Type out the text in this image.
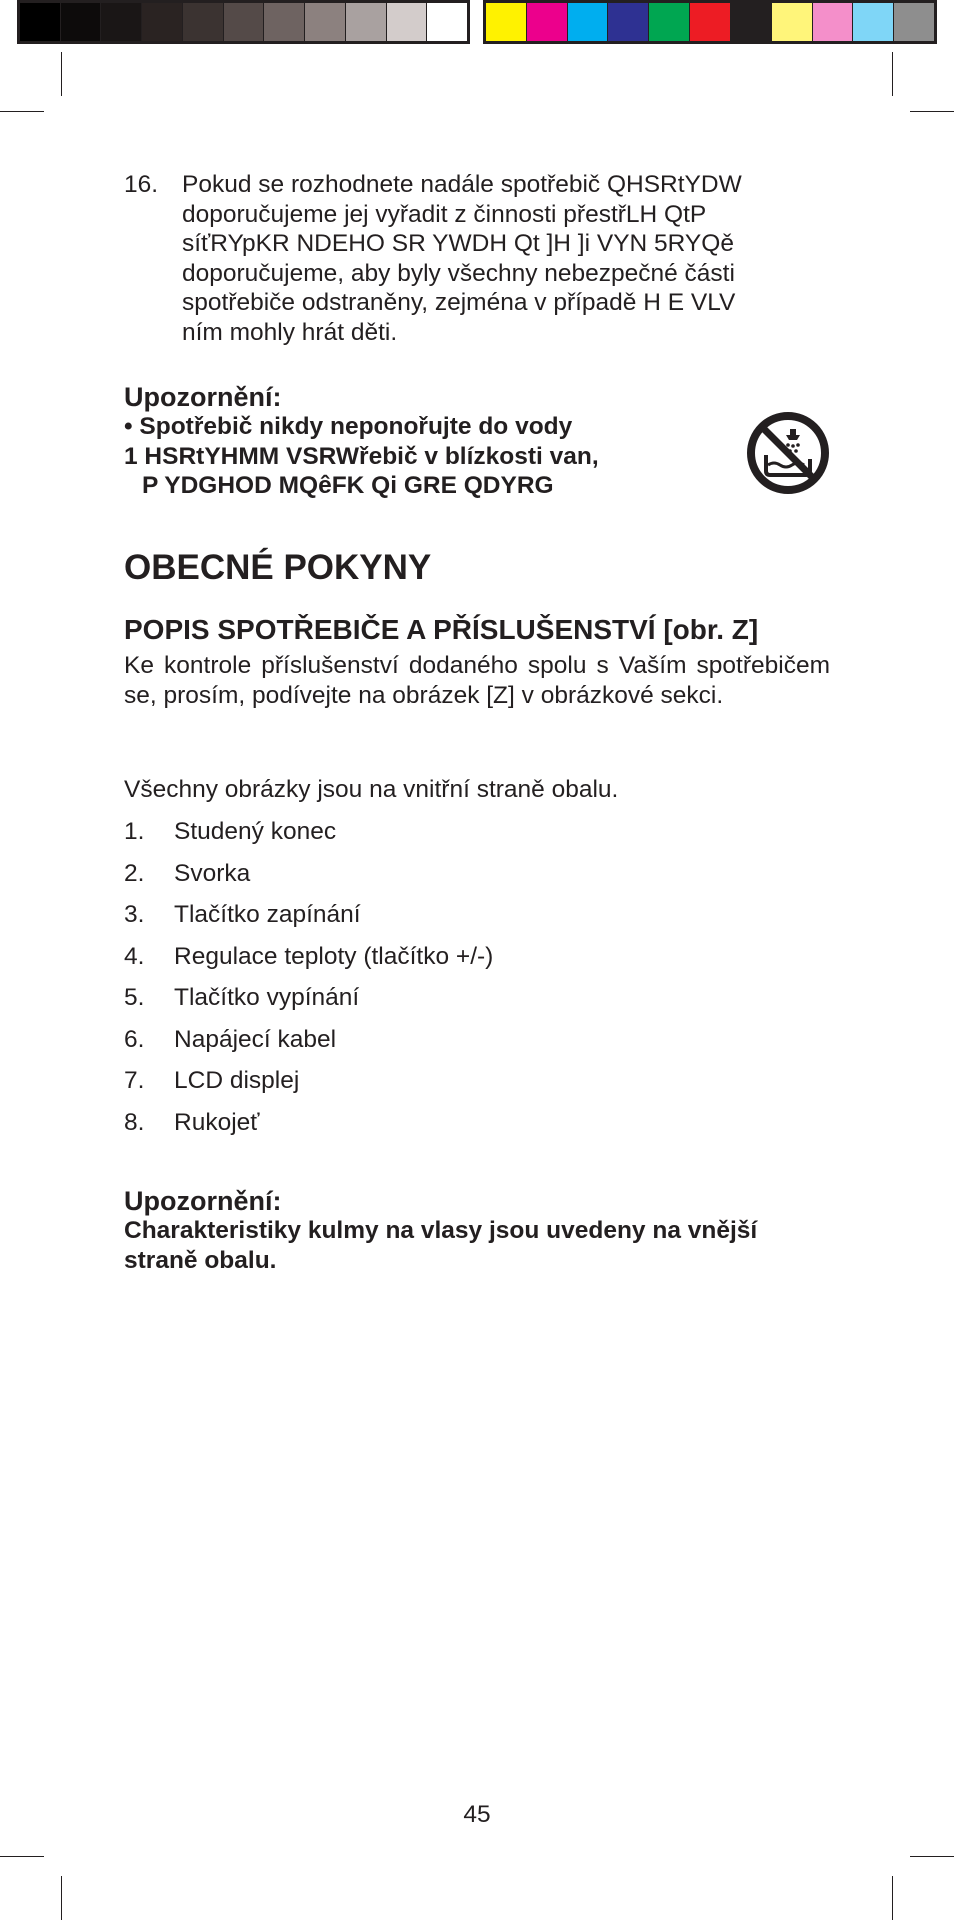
16. Pokud se rozhodnete nadále spotřebič QHSRtYDW
doporučujeme jej vyřadit z činnosti přestřLH QtP
síťRYpKR NDEHO SR YWDH Qt ]H ]i VYN 5RYQě
doporučujeme, aby byly všechny nebezpečné části
spotřebiče odstraněny, zejména v případě H E VLV
ním mohly hrát děti.

Upozornění:

• Spotřebič nikdy neponořujte do vody
1 HSRtYHMM VSRWřebič v blízkosti van,
P YDGHOD MQêFK Qi GRE QDYRG
OBECNÉ POKYNY
POPIS SPOTŘEBIČE A PŘÍSLUŠENSTVÍ [obr. Z]

Ke kontrole příslušenství dodaného spolu s Vaším spotřebičem se, prosím, podívejte na obrázek [Z] v obrázkové sekci.

Všechny obrázky jsou na vnitřní straně obalu.

1.	Studený konec
2.	Svorka
3.	Tlačítko zapínání
4.	Regulace teploty (tlačítko +/-)
5.	Tlačítko vypínání
6.	Napájecí kabel
7.	LCD displej
8.	Rukojeť

Upozornění:

Charakteristiky kulmy na vlasy jsou uvedeny na vnější
straně obalu.
45
